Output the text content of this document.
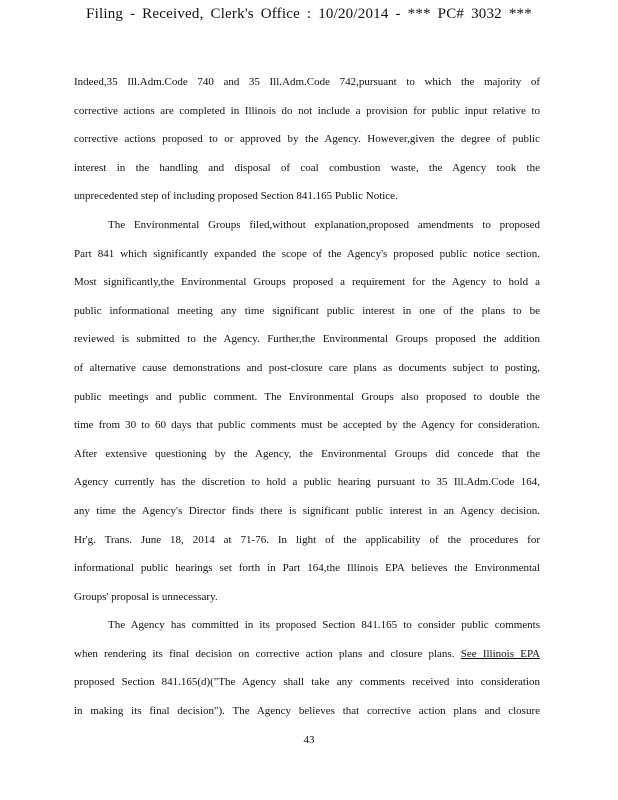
Filing - Received, Clerk's Office : 10/20/2014 - *** PC# 3032 ***
Indeed,35 Ill.Adm.Code 740 and 35 Ill.Adm.Code 742,pursuant to which the majority of
corrective actions are completed in Illinois do not include a provision for public input relative to
corrective actions proposed to or approved by the Agency. However,given the degree of public
interest in the handling and disposal of coal combustion waste, the Agency took the
unprecedented step of including proposed Section 841.165 Public Notice.
The Environmental Groups filed,without explanation,proposed amendments to proposed
Part 841 which significantly expanded the scope of the Agency's proposed public notice section.
Most significantly,the Environmental Groups proposed a requirement for the Agency to hold a
public informational meeting any time significant public interest in one of the plans to be
reviewed is submitted to the Agency. Further,the Environmental Groups proposed the addition
of alternative cause demonstrations and post-closure care plans as documents subject to posting,
public meetings and public comment. The Environmental Groups also proposed to double the
time from 30 to 60 days that public comments must be accepted by the Agency for consideration.
After extensive questioning by the Agency, the Environmental Groups did concede that the
Agency currently has the discretion to hold a public hearing pursuant to 35 Ill.Adm.Code 164,
any time the Agency's Director finds there is significant public interest in an Agency decision.
Hr'g. Trans. June 18, 2014 at 71-76. In light of the applicability of the procedures for
informational public hearings set forth in Part 164,the Illinois EPA believes the Environmental
Groups' proposal is unnecessary.
The Agency has committed in its proposed Section 841.165 to consider public comments
when rendering its final decision on corrective action plans and closure plans. See Illinois EPA
proposed Section 841.165(d)("The Agency shall take any comments received into consideration
in making its final decision"). The Agency believes that corrective action plans and closure
43
